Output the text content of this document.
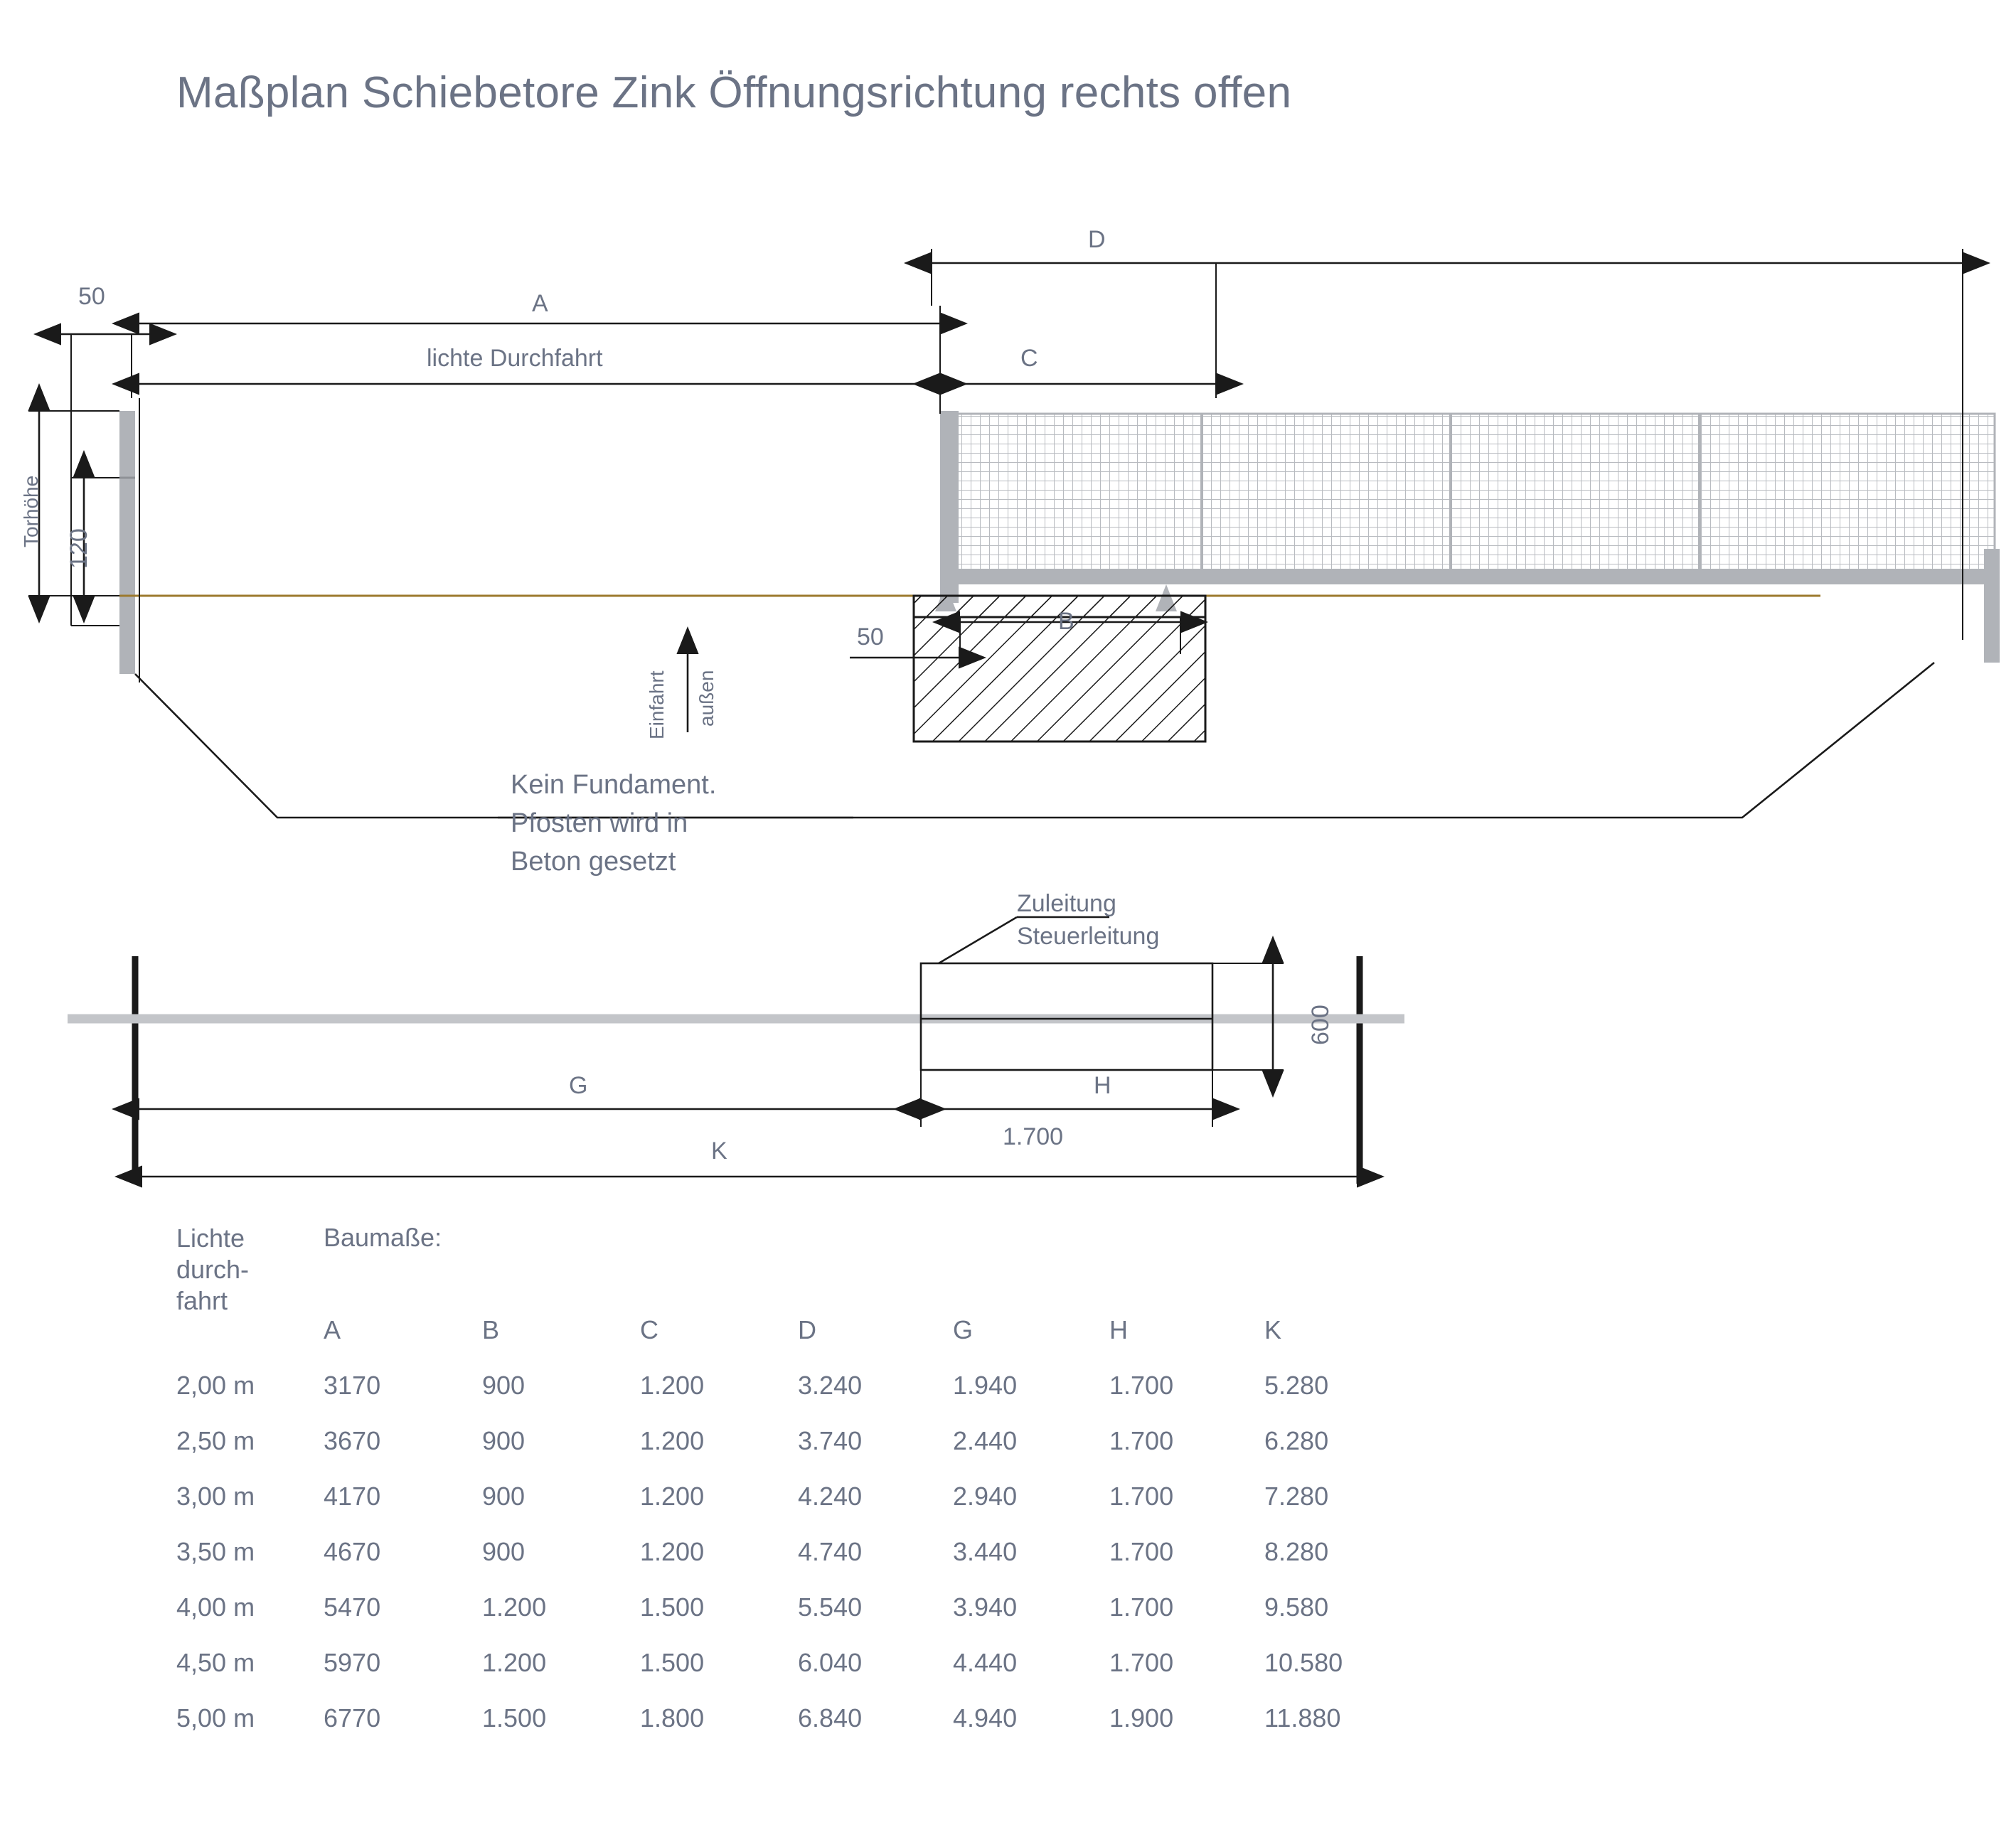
Maßplan Schiebetore Zink Öffnungsrichtung rechts offen
50	A
lichte Durchfahrt	C
D
B
50
Torhöhe
120
Einfahrt außen
Kein Fundament.
Pfosten wird in
Beton gesetzt
Zuleitung
Steuerleitung
600
G	H
1.700
K
Lichte
durch-
fahrt
Baumaße:
A	B	C	D	G	H	K
2,00 m	3170	900	1.200	3.240	1.940	1.700	5.280
2,50 m	3670	900	1.200	3.740	2.440	1.700	6.280
3,00 m	4170	900	1.200	4.240	2.940	1.700	7.280
3,50 m	4670	900	1.200	4.740	3.440	1.700	8.280
4,00 m	5470	1.200	1.500	5.540	3.940	1.700	9.580
4,50 m	5970	1.200	1.500	6.040	4.440	1.700	10.580
5,00 m	6770	1.500	1.800	6.840	4.940	1.900	11.880
